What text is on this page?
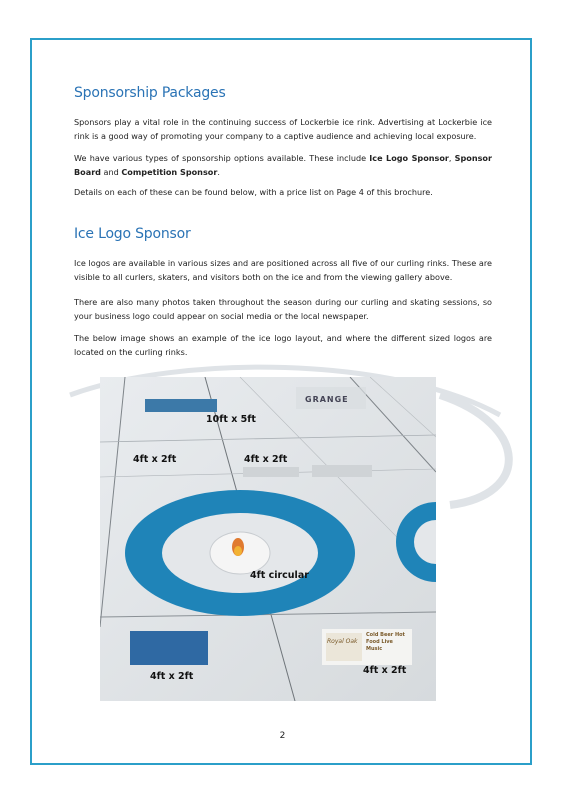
Sponsorship Packages

Sponsors play a vital role in the continuing success of Lockerbie ice rink. Advertising at Lockerbie ice rink is a good way of promoting your company to a captive audience and achieving local exposure.

We have various types of sponsorship options available. These include Ice Logo Sponsor, Sponsor Board and Competition Sponsor.

Details on each of these can be found below, with a price list on Page 4 of this brochure.

Ice Logo Sponsor

Ice logos are available in various sizes and are positioned across all five of our curling rinks. These are visible to all curlers, skaters, and visitors both on the ice and from the viewing gallery above.

There are also many photos taken throughout the season during our curling and skating sessions, so your business logo could appear on social media or the local newspaper.

The below image shows an example of the ice logo layout, and where the different sized logos are located on the curling rinks.

GRANGE
Royal Oak
Cold Beer Hot Food Live Music
10ft x 5ft
4ft x 2ft	4ft x 2ft
4ft circular
4ft x 2ft
4ft x 2ft
2
